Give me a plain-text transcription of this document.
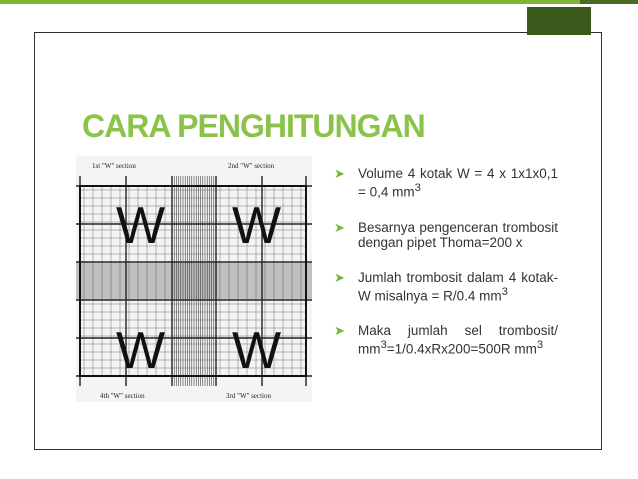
CARA PENGHITUNGAN
1st "W" section	2nd "W" section
4th "W" section	3rd "W" section
W W
W W
➤ Volume 4 kotak W = 4 x 1x1x0,1 = 0,4 $mm^3$
➤ Besarnya pengenceran trombosit dengan pipet Thoma=200 x
➤ Jumlah trombosit dalam 4 kotak-W misalnya = R/0.4 $mm^3$
➤ Maka jumlah sel trombosit/ $mm^3=1/0.4xRx200=500R$ $mm^3$
